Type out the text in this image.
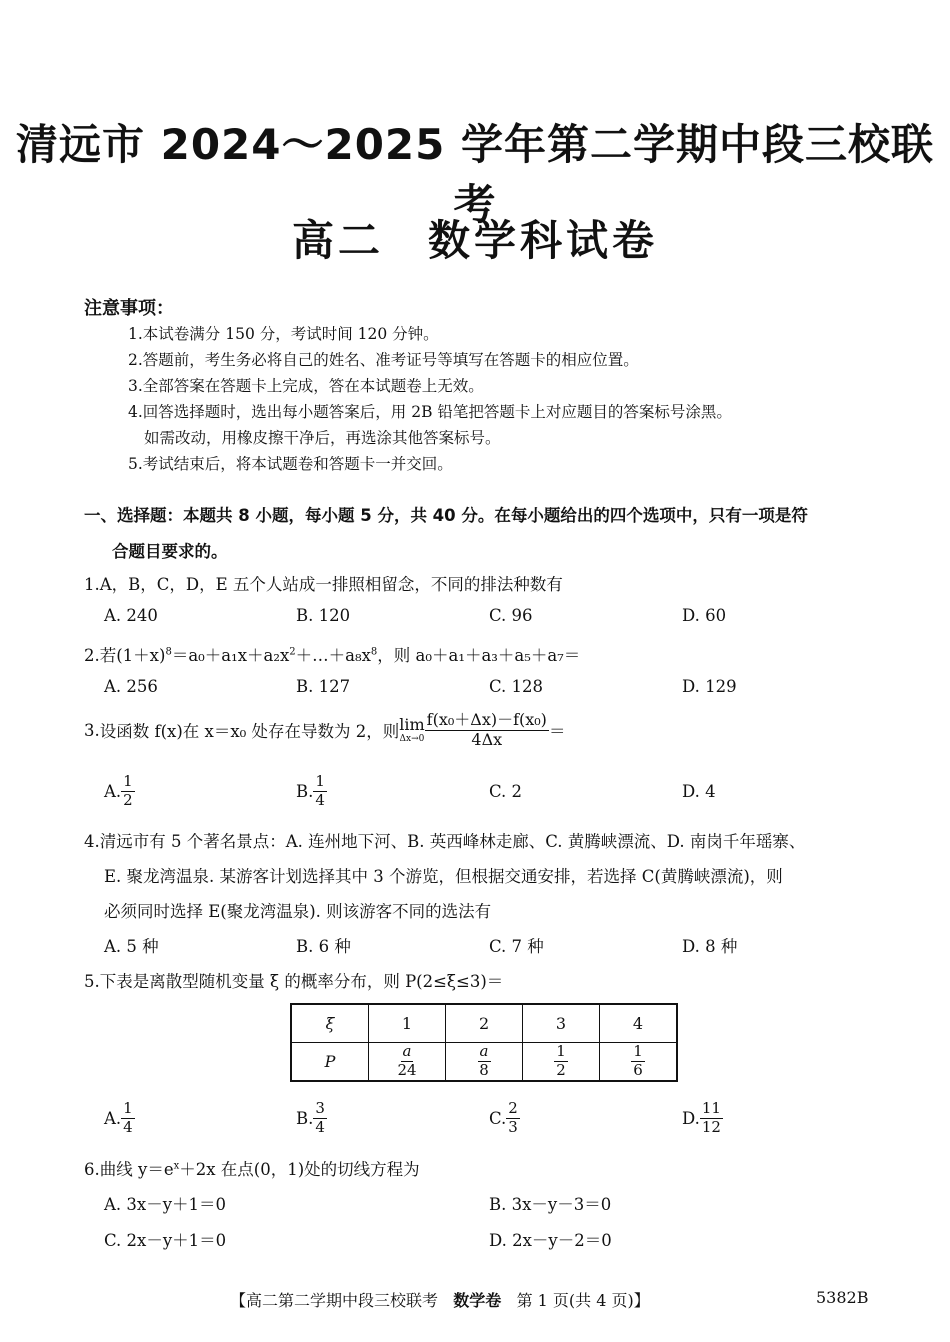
清远市 2024～2025 学年第二学期中段三校联考
高二 数学科试卷
注意事项：
1.本试卷满分 150 分，考试时间 120 分钟。
2.答题前，考生务必将自己的姓名、准考证号等填写在答题卡的相应位置。
3.全部答案在答题卡上完成，答在本试题卷上无效。
4.回答选择题时，选出每小题答案后，用 2B 铅笔把答题卡上对应题目的答案标号涂黑。
如需改动，用橡皮擦干净后，再选涂其他答案标号。
5.考试结束后，将本试题卷和答题卡一并交回。
一、选择题：本题共 8 小题，每小题 5 分，共 40 分。在每小题给出的四个选项中，只有一项是符
合题目要求的。
1.A，B，C，D，E 五个人站成一排照相留念，不同的排法种数有
A. 240	B. 120	C. 96	D. 60
2.若$(1+x)^8=a_0+a_1x+a_2x^2+\dots+a_8x^8$，则 a₀＋a₁＋a₃＋a₅＋a₇＝
A. 256	B. 127	C. 128	D. 129
3. 设函数 f(x)在 x＝x₀ 处存在导数为 2，则 lim
$\Delta x\to 0 \frac{\text{f(x₀＋Δx)－f(x₀)}}{4\Delta x}$ ＝
A. $\frac{1}{2}$	B. $\frac{1}{4}$	C. 2	D. 4
4.清远市有 5 个著名景点：A. 连州地下河、B. 英西峰林走廊、C. 黄腾峡漂流、D. 南岗千年瑶寨、
E. 聚龙湾温泉. 某游客计划选择其中 3 个游览，但根据交通安排，若选择 C(黄腾峡漂流)，则
必须同时选择 E(聚龙湾温泉). 则该游客不同的选法有
A. 5 种	B. 6 种	C. 7 种	D. 8 种
5.下表是离散型随机变量 ξ 的概率分布，则 P(2≤ξ≤3)＝
ξ	1	2	3	4
P	$\frac{a}{24}$	$\frac{a}{8}$	$\frac{1}{2}$	$\frac{1}{6}$
A. $\frac{1}{4}$	B. $\frac{3}{4}$	C. $\frac{2}{3}$	D. $\frac{11}{12}$
6.曲线 $y=e^x+2x$ 在点(0，1)处的切线方程为
A. 3x－y＋1＝0	B. 3x－y－3＝0
C. 2x－y＋1＝0	D. 2x－y－2＝0
【高二第二学期中段三校联考 数学卷 第 1 页(共 4 页)】	5382B
